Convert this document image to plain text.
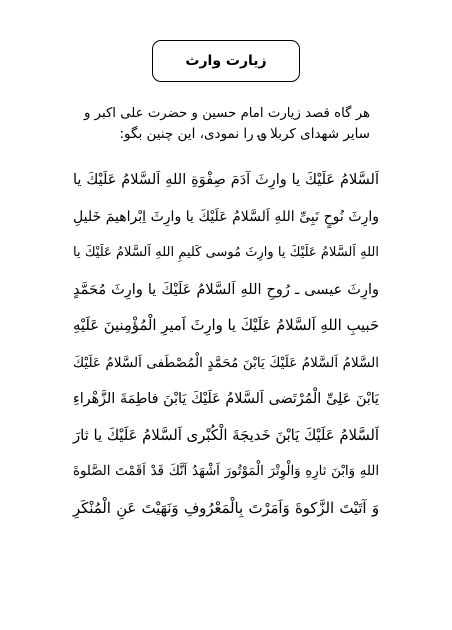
زیارت وارث
هر گاه قصد زیارت امام حسین و حضرت علی اکبر و
سایر شهدای کربلا ؈ را نمودی، این چنین بگو:
اَلسَّلامُ عَلَیْكَ یا وارِثَ آدَمَ صِفْوَةِ اللهِ اَلسَّلامُ عَلَیْكَ یا
وارِثَ نُوحٍ نَبِیِّ اللهِ اَلسَّلامُ عَلَیْكَ یا وارِثَ اِبْراهیمَ خَلیلِ
اللهِ اَلسَّلامُ عَلَیْكَ یا وارِثَ مُوسی كَلیمِ اللهِ اَلسَّلامُ عَلَیْكَ یا
وارِثَ عیسی ـ رُوحِ اللهِ اَلسَّلامُ عَلَیْكَ یا وارِثَ مُحَمَّدٍ
حَبیبِ اللهِ اَلسَّلامُ عَلَیْكَ یا وارِثَ اَمیرِ الْمُؤْمِنینَ عَلَیْهِ
السَّلامُ اَلسَّلامُ عَلَیْكَ یَابْنَ مُحَمَّدٍ الْمُصْطَفی اَلسَّلامُ عَلَیْكَ
یَابْنَ عَلِیِّ الْمُرْتَضی اَلسَّلامُ عَلَیْكَ یَابْنَ فاطِمَةَ الزَّهْراءِ
اَلسَّلامُ عَلَیْكَ یَابْنَ خَدیجَةَ الْكُبْری اَلسَّلامُ عَلَیْكَ یا ثارَ
اللهِ وَابْنَ ثارِهِ وَالْوِتْرَ الْمَوْتُورَ اَشْهَدُ اَنَّكَ قَدْ اَقَمْتَ الصَّلوةَ
وَ آتَیْتَ الزَّكوةَ وَاَمَرْتَ بِالْمَعْرُوفِ وَنَهَیْتَ عَنِ الْمُنْكَرِ
